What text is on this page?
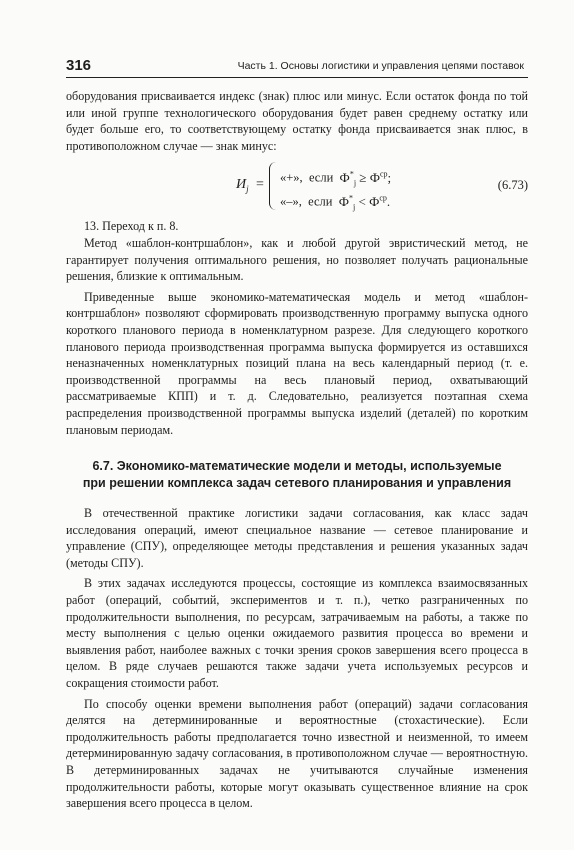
316	Часть 1. Основы логистики и управления цепями поставок

оборудования присваивается индекс (знак) плюс или минус. Если остаток фонда по той или иной группе технологического оборудования будет равен среднему остатку или будет больше его, то соответствующему остатку фонда присваивается знак плюс, в противоположном случае — знак минус:

$И_j$ = «+», если $Ф^*_j \ge Ф^{ср}$;
«–», если $Ф^*_j < Ф^{ср}$.
(6.73)

13. Переход к п. 8.

Метод «шаблон-контршаблон», как и любой другой эвристический метод, не гарантирует получения оптимального решения, но позволяет получать рациональные решения, близкие к оптимальным.

Приведенные выше экономико-математическая модель и метод «шаблон-контршаблон» позволяют сформировать производственную программу выпуска одного короткого планового периода в номенклатурном разрезе. Для следующего короткого планового периода производственная программа выпуска формируется из оставшихся неназначенных номенклатурных позиций плана на весь календарный период (т. е. производственной программы на весь плановый период, охватывающий рассматриваемые КПП) и т. д. Следовательно, реализуется поэтапная схема распределения производственной программы выпуска изделий (деталей) по коротким плановым периодам.

6.7. Экономико-математические модели и методы, используемые
при решении комплекса задач сетевого планирования и управления

В отечественной практике логистики задачи согласования, как класс задач исследования операций, имеют специальное название — сетевое планирование и управление (СПУ), определяющее методы представления и решения указанных задач (методы СПУ).

В этих задачах исследуются процессы, состоящие из комплекса взаимосвязанных работ (операций, событий, экспериментов и т. п.), четко разграниченных по продолжительности выполнения, по ресурсам, затрачиваемым на работы, а также по месту выполнения с целью оценки ожидаемого развития процесса во времени и выявления работ, наиболее важных с точки зрения сроков завершения всего процесса в целом. В ряде случаев решаются также задачи учета используемых ресурсов и сокращения стоимости работ.

По способу оценки времени выполнения работ (операций) задачи согласования делятся на детерминированные и вероятностные (стохастические). Если продолжительность работы предполагается точно известной и неизменной, то имеем детерминированную задачу согласования, в противоположном случае — вероятностную. В детерминированных задачах не учитываются случайные изменения продолжительности работы, которые могут оказывать существенное влияние на срок завершения всего процесса в целом.
